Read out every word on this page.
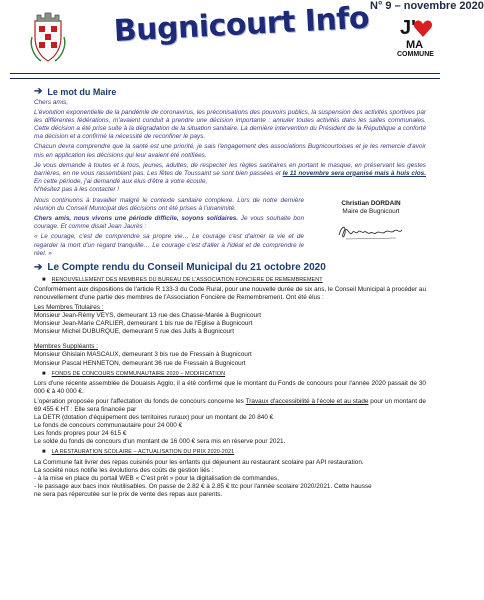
N° 9 – novembre 2020
Bugnicourt Info J'
MA
COMMUNE
➔ Le mot du Maire
Chers amis,
L'évolution exponentielle de la pandémie de coronavirus, les préconisations des pouvoirs publics, la suspension des activités sportives par les différentes fédérations, m'avaient conduit à prendre une décision importante : annuler toutes activités dans les salles communales. Cette décision a été prise suite à la dégradation de la situation sanitaire. La dernière intervention du Président de la République a conforté ma décision et a confirmé la nécessité de reconfiner le pays.
Chacun devra comprendre que la santé est une priorité, je sais l'engagement des associations Bugnicourtoises et je les remercie d'avoir mis en application les décisions qui leur avaient été notifiées.
Je vous demande à toutes et à tous, jeunes, adultes, de respecter les règles sanitaires en portant le masque, en préservant les gestes barrières, en ne vous rassemblant pas. Les fêtes de Toussaint se sont bien passées et le 11 novembre sera organisé mais à huis clos. En cette période, j'ai demandé aux élus d'être à votre écoute,
N'hésitez pas à les contacter !
Nous continuons à travailler malgré le contexte sanitaire complexe. Lors de notre dernière réunion du Conseil Municipal des décisions ont été prises à l'unanimité.
Chers amis, nous vivons une période difficile, soyons solidaires. Je vous souhaite bon courage. Et comme disait Jean Jaurès :
« Le courage, c'est de comprendre sa propre vie… Le courage c'est d'aimer la vie et de regarder la mort d'un regard tranquille… Le courage c'est d'aller à l'idéal et de comprendre le réel. »
Christian DORDAIN
Maire de Bugnicourt
➔ Le Compte rendu du Conseil Municipal du 21 octobre 2020
■ RENOUVELLEMENT DES MEMBRES DU BUREAU DE L'ASSOCIATION FONCIERE DE REMEMBREMENT
Conformément aux dispositions de l'article R 133-3 du Code Rural, pour une nouvelle durée de six ans, le Conseil Municipal à procéder au renouvellement d'une partie des membres de l'Association Foncière de Remembrement. Ont été élus :
Les Membres Titulaires :
Monsieur Jean-Rémy VEYS, demeurant 13 rue des Chasse-Marée à Bugnicourt
Monsieur Jean-Marie CARLIER, demeurant 1 bis rue de l'Eglise à Bugnicourt
Monsieur Michel DUBURQUE, demeurant 5 rue des Juifs à Bugnicourt
Membres Suppléants :
Monsieur Ghislain MASCAUX, demeurant 3 bis rue de Fressain à Bugnicourt
Monsieur Pascal HENNETON, demeurant 36 rue de Fressain à Bugnicourt
■ FONDS DE CONCOURS COMMUNAUTAIRE 2020 – MODIFICATION
Lors d'une récente assemblée de Douaisis Agglo, il a été confirmé que le montant du Fonds de concours pour l'année 2020 passait de 30 000 € à 40 000 €.
L'opération proposée pour l'affectation du fonds de concours concerne les Travaux d'accessibilité à l'école et au stade pour un montant de 69 455 € HT : Elle sera financée par
La DETR (dotation d'équipement des territoires ruraux) pour un montant de 20 840 €
Le fonds de concours communautaire pour 24 000 €
Les fonds propres pour 24 615 €
Le solde du fonds de concours d'un montant de 16 000 € sera mis en réserve pour 2021.
■ LA RESTAURATION SCOLAIRE – ACTUALISATION DU PRIX 2020-2021
La Commune fait livrer des repas cuisinés pour les enfants qui déjeunent au restaurant scolaire par API restauration.
La société nous notifie les évolutions des coûts de gestion liés :
- à la mise en place du portail WEB « C'est prêt » pour la digitalisation de commandes,
- le passage aux bacs inox réutilisables. On passe de 2.82 € à 2.85 € ttc pour l'année scolaire 2020/2021. Cette hausse
ne sera pas répercutée sur le prix de vente des repas aux parents.
